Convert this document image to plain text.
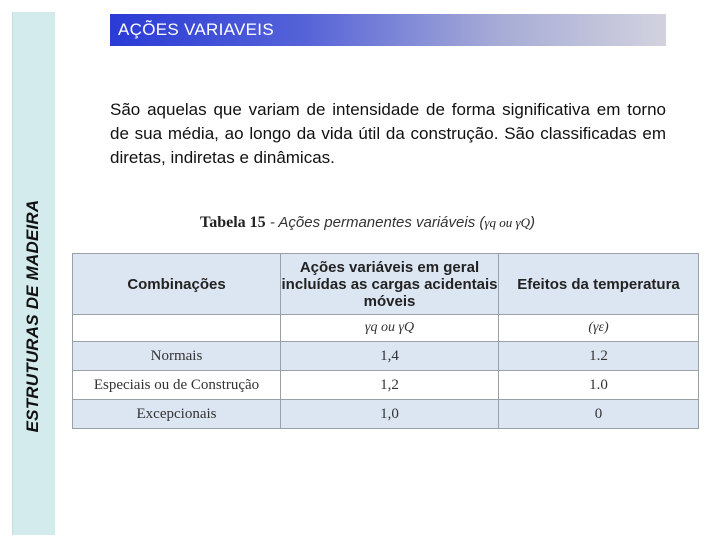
ESTRUTURAS DE MADEIRA
AÇÕES VARIAVEIS

São aquelas que variam de intensidade de forma significativa em torno de sua média, ao longo da vida útil da construção. São classificadas em diretas, indiretas e dinâmicas.

Tabela 15 - Ações permanentes variáveis (γq ou γQ)
Combinações	Ações variáveis em geral incluídas as cargas acidentais móveis	Efeitos da temperatura
	γq ou γQ	(γε)
Normais	1,4	1.2
Especiais ou de Construção	1,2	1.0
Excepcionais	1,0	0
